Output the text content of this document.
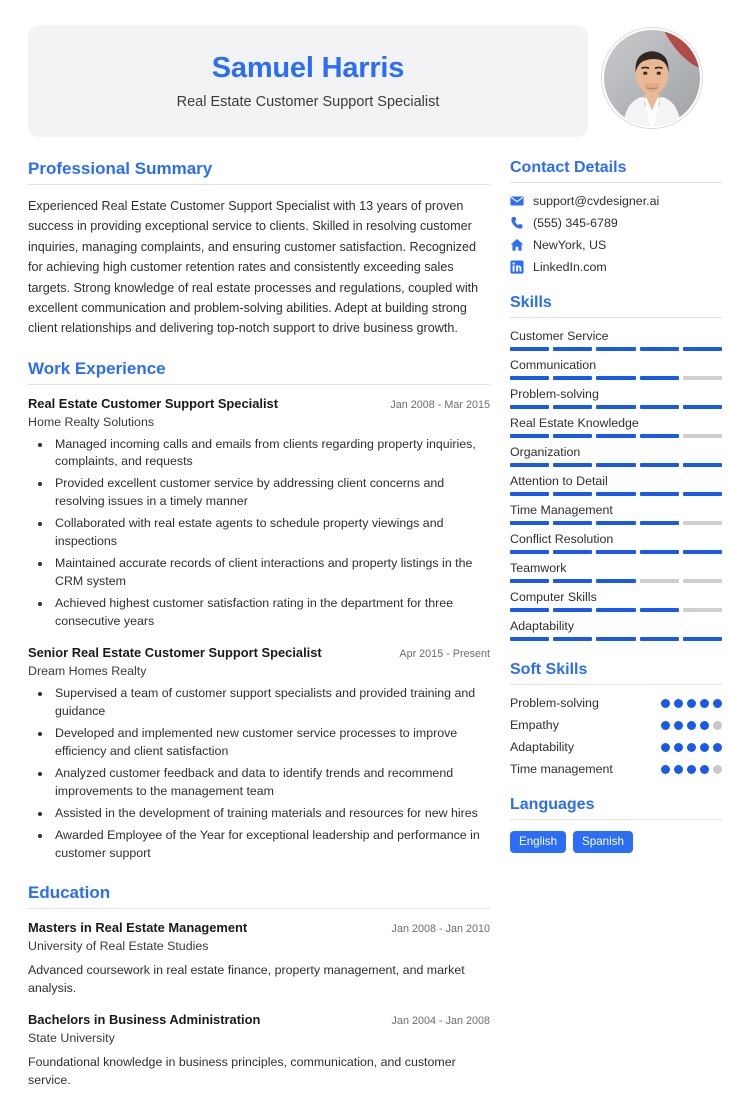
Samuel Harris
Real Estate Customer Support Specialist
Professional Summary
Experienced Real Estate Customer Support Specialist with 13 years of proven success in providing exceptional service to clients. Skilled in resolving customer inquiries, managing complaints, and ensuring customer satisfaction. Recognized for achieving high customer retention rates and consistently exceeding sales targets. Strong knowledge of real estate processes and regulations, coupled with excellent communication and problem-solving abilities. Adept at building strong client relationships and delivering top-notch support to drive business growth.
Work Experience
Real Estate Customer Support Specialist	Jan 2008 - Mar 2015
Home Realty Solutions
• Managed incoming calls and emails from clients regarding property inquiries, complaints, and requests
• Provided excellent customer service by addressing client concerns and resolving issues in a timely manner
• Collaborated with real estate agents to schedule property viewings and inspections
• Maintained accurate records of client interactions and property listings in the CRM system
• Achieved highest customer satisfaction rating in the department for three consecutive years
Senior Real Estate Customer Support Specialist	Apr 2015 - Present
Dream Homes Realty
• Supervised a team of customer support specialists and provided training and guidance
• Developed and implemented new customer service processes to improve efficiency and client satisfaction
• Analyzed customer feedback and data to identify trends and recommend improvements to the management team
• Assisted in the development of training materials and resources for new hires
• Awarded Employee of the Year for exceptional leadership and performance in customer support
Education
Masters in Real Estate Management	Jan 2008 - Jan 2010
University of Real Estate Studies
Advanced coursework in real estate finance, property management, and market analysis.
Bachelors in Business Administration	Jan 2004 - Jan 2008
State University
Foundational knowledge in business principles, communication, and customer service.
Contact Details
support@cvdesigner.ai
(555) 345-6789
NewYork, US
LinkedIn.com
Skills
Customer Service
Communication
Problem-solving
Real Estate Knowledge
Organization
Attention to Detail
Time Management
Conflict Resolution
Teamwork
Computer Skills
Adaptability
Soft Skills
Problem-solving
Empathy
Adaptability
Time management
Languages
English	Spanish
